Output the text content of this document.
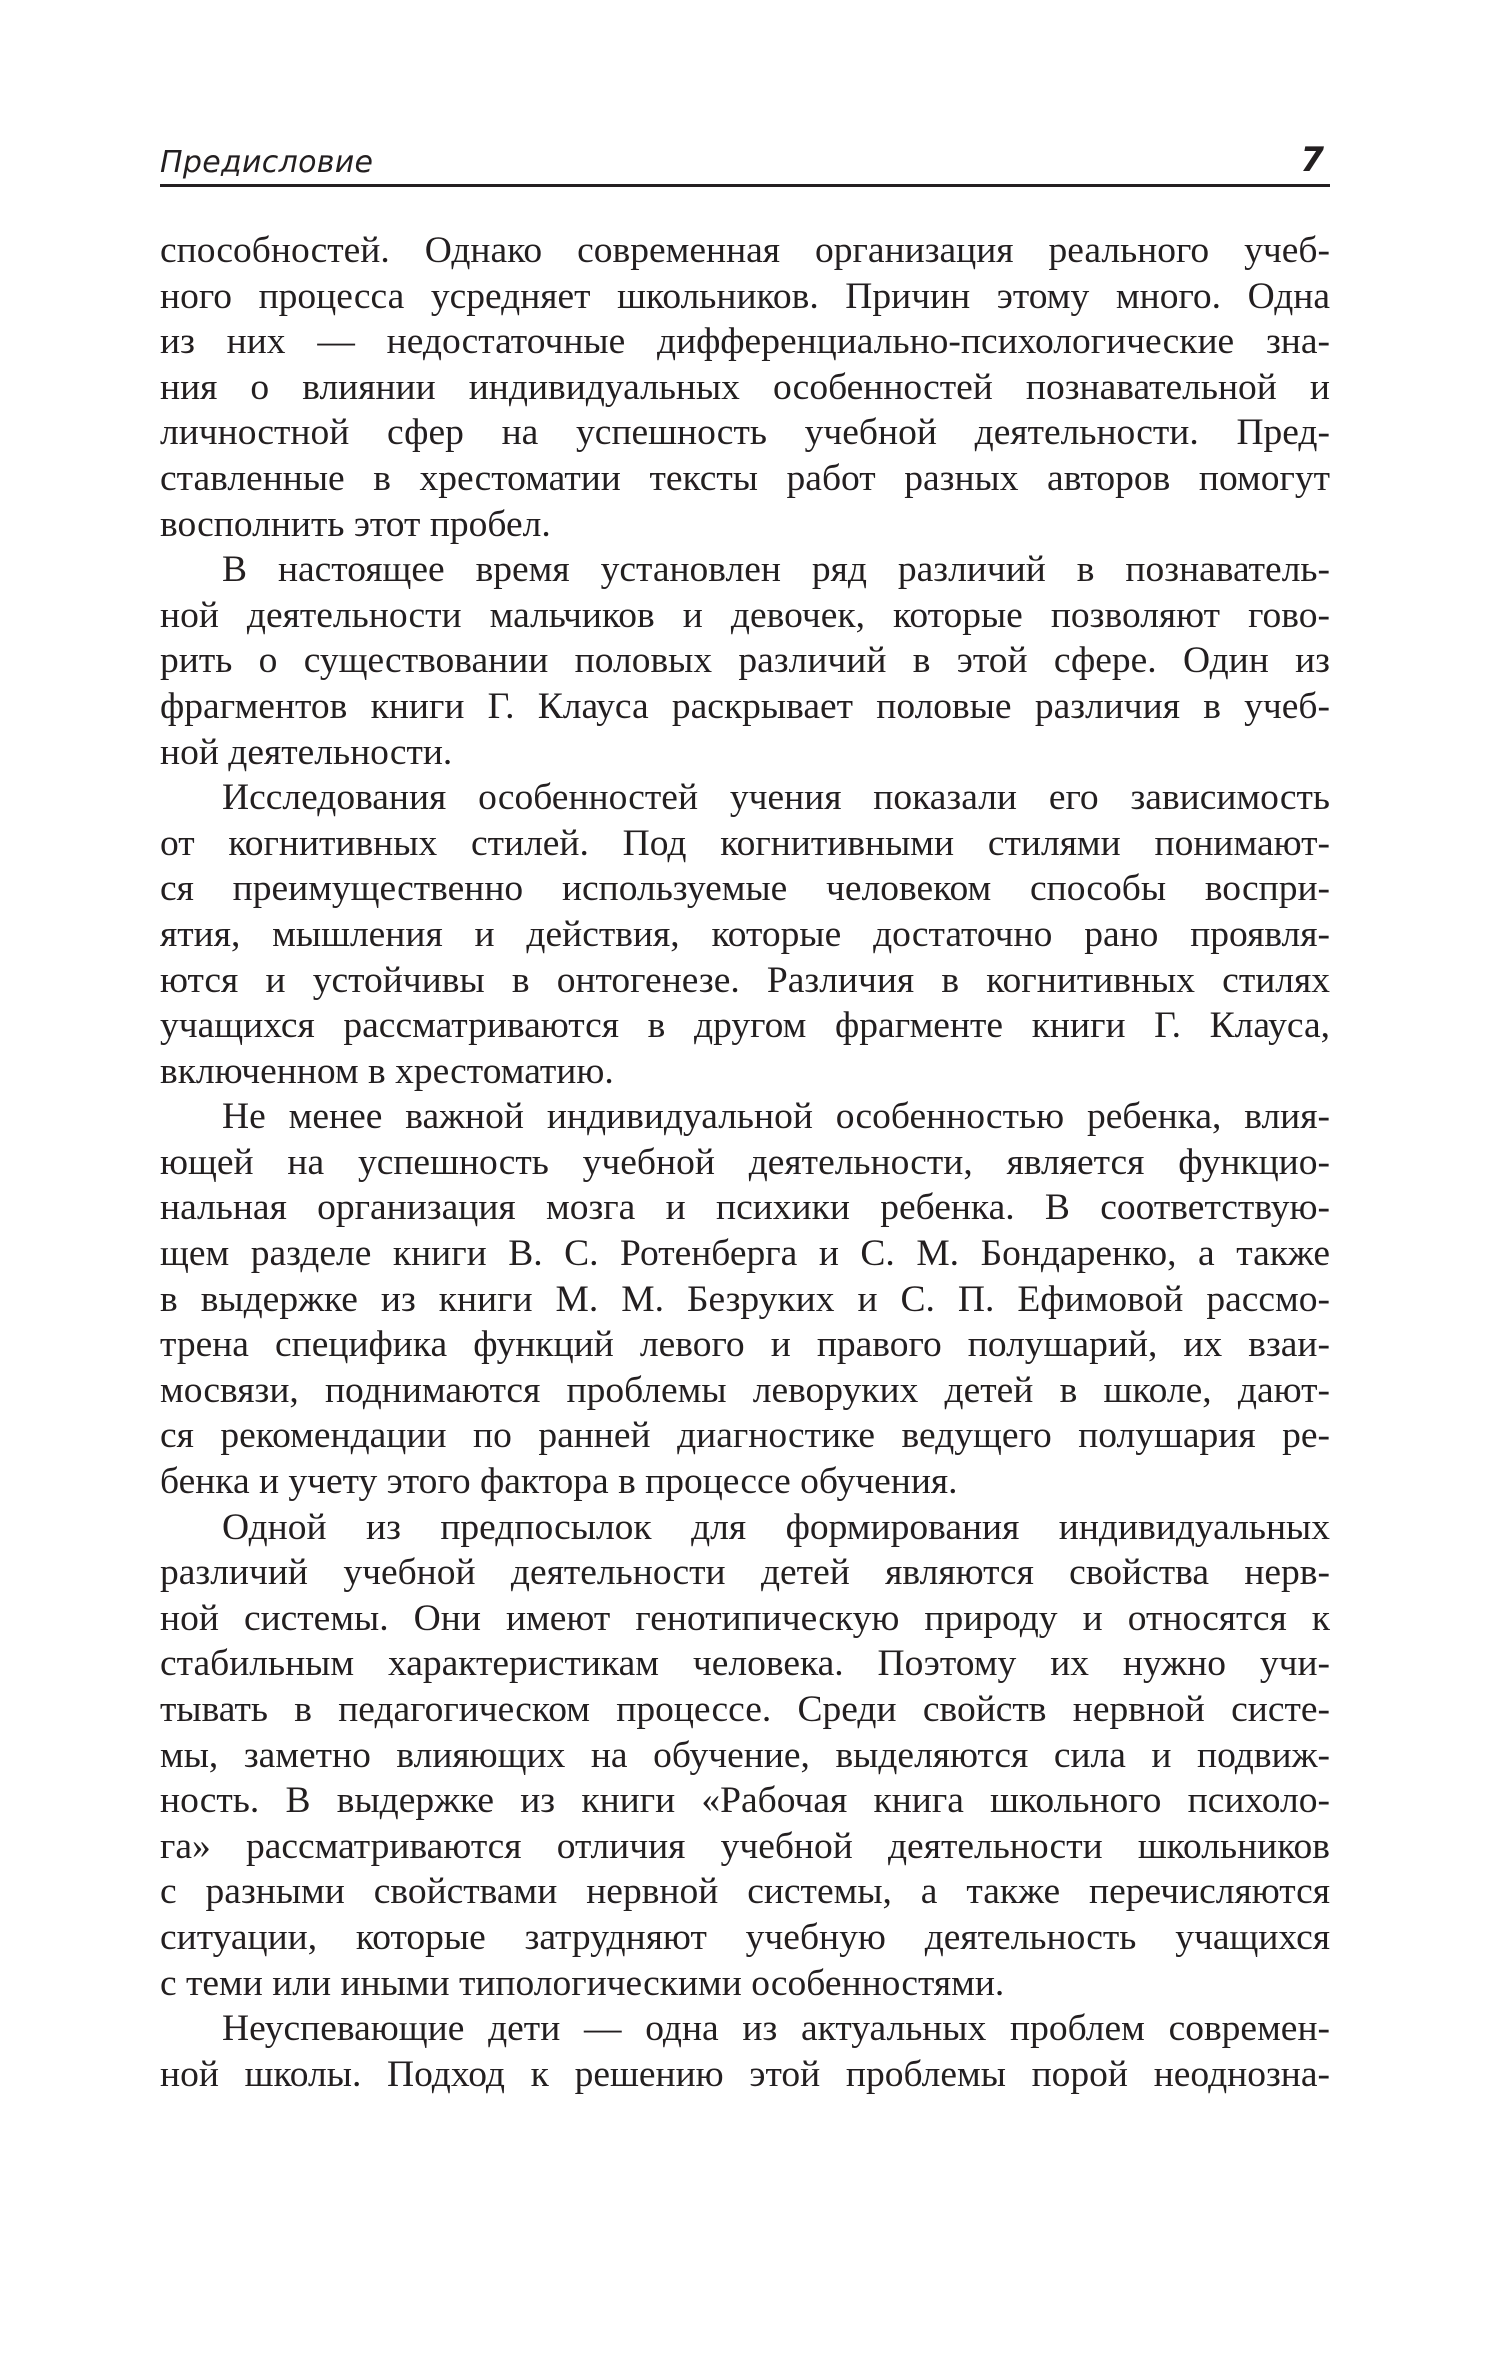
Предисловие	7

способностей. Однако современная организация реального учеб-
ного процесса усредняет школьников. Причин этому много. Одна
из них — недостаточные дифференциально-психологические зна-
ния о влиянии индивидуальных особенностей познавательной и
личностной сфер на успешность учебной деятельности. Пред-
ставленные в хрестоматии тексты работ разных авторов помогут
восполнить этот пробел.

В настоящее время установлен ряд различий в познаватель-
ной деятельности мальчиков и девочек, которые позволяют гово-
рить о существовании половых различий в этой сфере. Один из
фрагментов книги Г. Клауса раскрывает половые различия в учеб-
ной деятельности.

Исследования особенностей учения показали его зависимость
от когнитивных стилей. Под когнитивными стилями понимают-
ся преимущественно используемые человеком способы воспри-
ятия, мышления и действия, которые достаточно рано проявля-
ются и устойчивы в онтогенезе. Различия в когнитивных стилях
учащихся рассматриваются в другом фрагменте книги Г. Клауса,
включенном в хрестоматию.

Не менее важной индивидуальной особенностью ребенка, влия-
ющей на успешность учебной деятельности, является функцио-
нальная организация мозга и психики ребенка. В соответствую-
щем разделе книги В. С. Ротенберга и С. М. Бондаренко, а также
в выдержке из книги М. М. Безруких и С. П. Ефимовой рассмо-
трена специфика функций левого и правого полушарий, их взаи-
мосвязи, поднимаются проблемы леворуких детей в школе, дают-
ся рекомендации по ранней диагностике ведущего полушария ре-
бенка и учету этого фактора в процессе обучения.

Одной из предпосылок для формирования индивидуальных
различий учебной деятельности детей являются свойства нерв-
ной системы. Они имеют генотипическую природу и относятся к
стабильным характеристикам человека. Поэтому их нужно учи-
тывать в педагогическом процессе. Среди свойств нервной систе-
мы, заметно влияющих на обучение, выделяются сила и подвиж-
ность. В выдержке из книги «Рабочая книга школьного психоло-
га» рассматриваются отличия учебной деятельности школьников
с разными свойствами нервной системы, а также перечисляются
ситуации, которые затрудняют учебную деятельность учащихся
с теми или иными типологическими особенностями.

Неуспевающие дети — одна из актуальных проблем современ-
ной школы. Подход к решению этой проблемы порой неоднозна-
